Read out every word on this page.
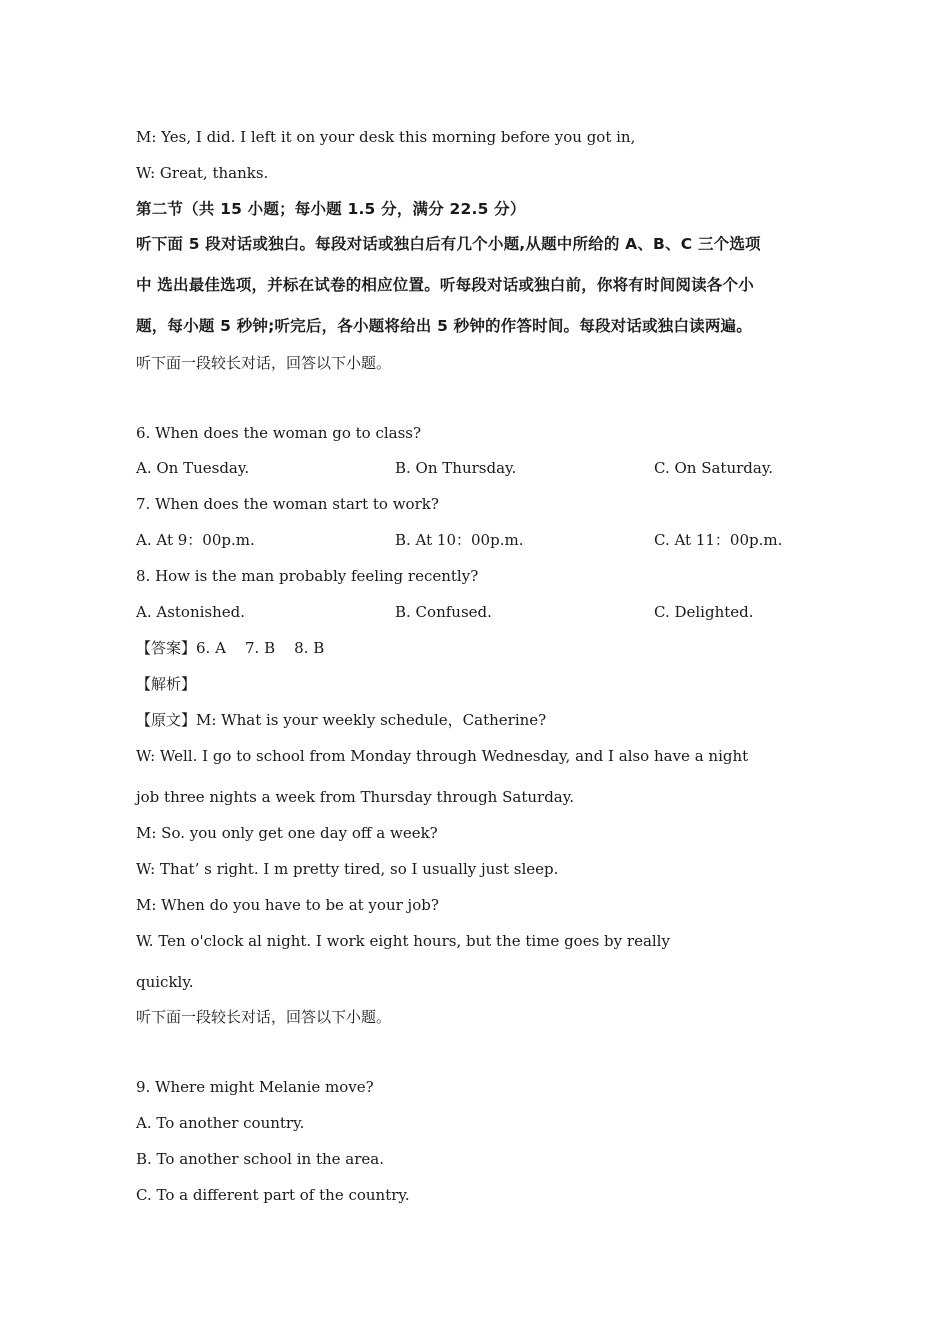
M: Yes, I did. I left it on your desk this morning before you got in,
W: Great, thanks.
第二节（共 15 小题；每小题 1.5 分，满分 22.5 分）
听下面 5 段对话或独白。每段对话或独白后有几个小题,从题中所给的 A、B、C 三个选项
中 选出最佳选项，并标在试卷的相应位置。听每段对话或独白前，你将有时间阅读各个小
题，每小题 5 秒钟;听完后，各小题将给出 5 秒钟的作答时间。每段对话或独白读两遍。
听下面一段较长对话，回答以下小题。
6. When does the woman go to class?
A. On Tuesday.	B. On Thursday.	C. On Saturday.
7. When does the woman start to work?
A. At 9：00p.m.	B. At 10：00p.m.	C. At 11：00p.m.
8. How is the man probably feeling recently?
A. Astonished.	B. Confused.	C. Delighted.
【答案】6. A    7. B    8. B
【解析】
【原文】M: What is your weekly schedule，Catherine?
W: Well. I go to school from Monday through Wednesday, and I also have a night
job three nights a week from Thursday through Saturday.
M: So. you only get one day off a week?
W: That’ s right. I m pretty tired, so I usually just sleep.
M: When do you have to be at your job?
W. Ten o'clock al night. I work eight hours, but the time goes by really
quickly.
听下面一段较长对话，回答以下小题。
9. Where might Melanie move?
A. To another country.
B. To another school in the area.
C. To a different part of the country.
